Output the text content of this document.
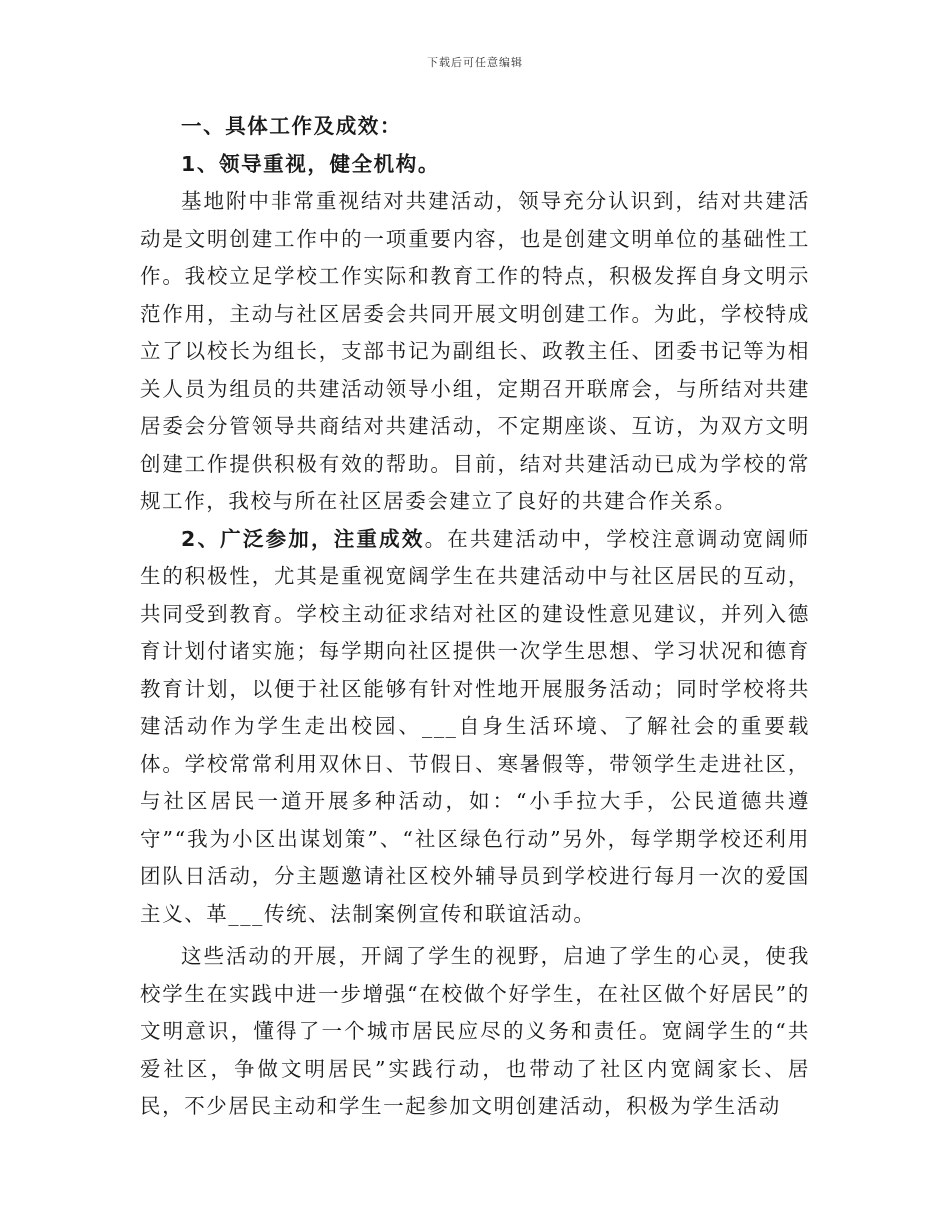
下载后可任意编辑

一、具体工作及成效：

1、领导重视，健全机构。

基地附中非常重视结对共建活动，领导充分认识到，结对共建活动是文明创建工作中的一项重要内容，也是创建文明单位的基础性工作。我校立足学校工作实际和教育工作的特点，积极发挥自身文明示范作用，主动与社区居委会共同开展文明创建工作。为此，学校特成立了以校长为组长，支部书记为副组长、政教主任、团委书记等为相关人员为组员的共建活动领导小组，定期召开联席会，与所结对共建居委会分管领导共商结对共建活动，不定期座谈、互访，为双方文明创建工作提供积极有效的帮助。目前，结对共建活动已成为学校的常规工作，我校与所在社区居委会建立了良好的共建合作关系。

2、广泛参加，注重成效。在共建活动中，学校注意调动宽阔师生的积极性，尤其是重视宽阔学生在共建活动中与社区居民的互动，共同受到教育。学校主动征求结对社区的建设性意见建议，并列入德育计划付诸实施；每学期向社区提供一次学生思想、学习状况和德育教育计划，以便于社区能够有针对性地开展服务活动；同时学校将共建活动作为学生走出校园、___自身生活环境、了解社会的重要载体。学校常常利用双休日、节假日、寒暑假等，带领学生走进社区，与社区居民一道开展多种活动，如：“小手拉大手，公民道德共遵守”“我为小区出谋划策”、“社区绿色行动”另外，每学期学校还利用团队日活动，分主题邀请社区校外辅导员到学校进行每月一次的爱国主义、革___传统、法制案例宣传和联谊活动。

这些活动的开展，开阔了学生的视野，启迪了学生的心灵，使我校学生在实践中进一步增强“在校做个好学生，在社区做个好居民”的文明意识，懂得了一个城市居民应尽的义务和责任。宽阔学生的“共爱社区，争做文明居民”实践行动，也带动了社区内宽阔家长、居民，不少居民主动和学生一起参加文明创建活动，积极为学生活动
